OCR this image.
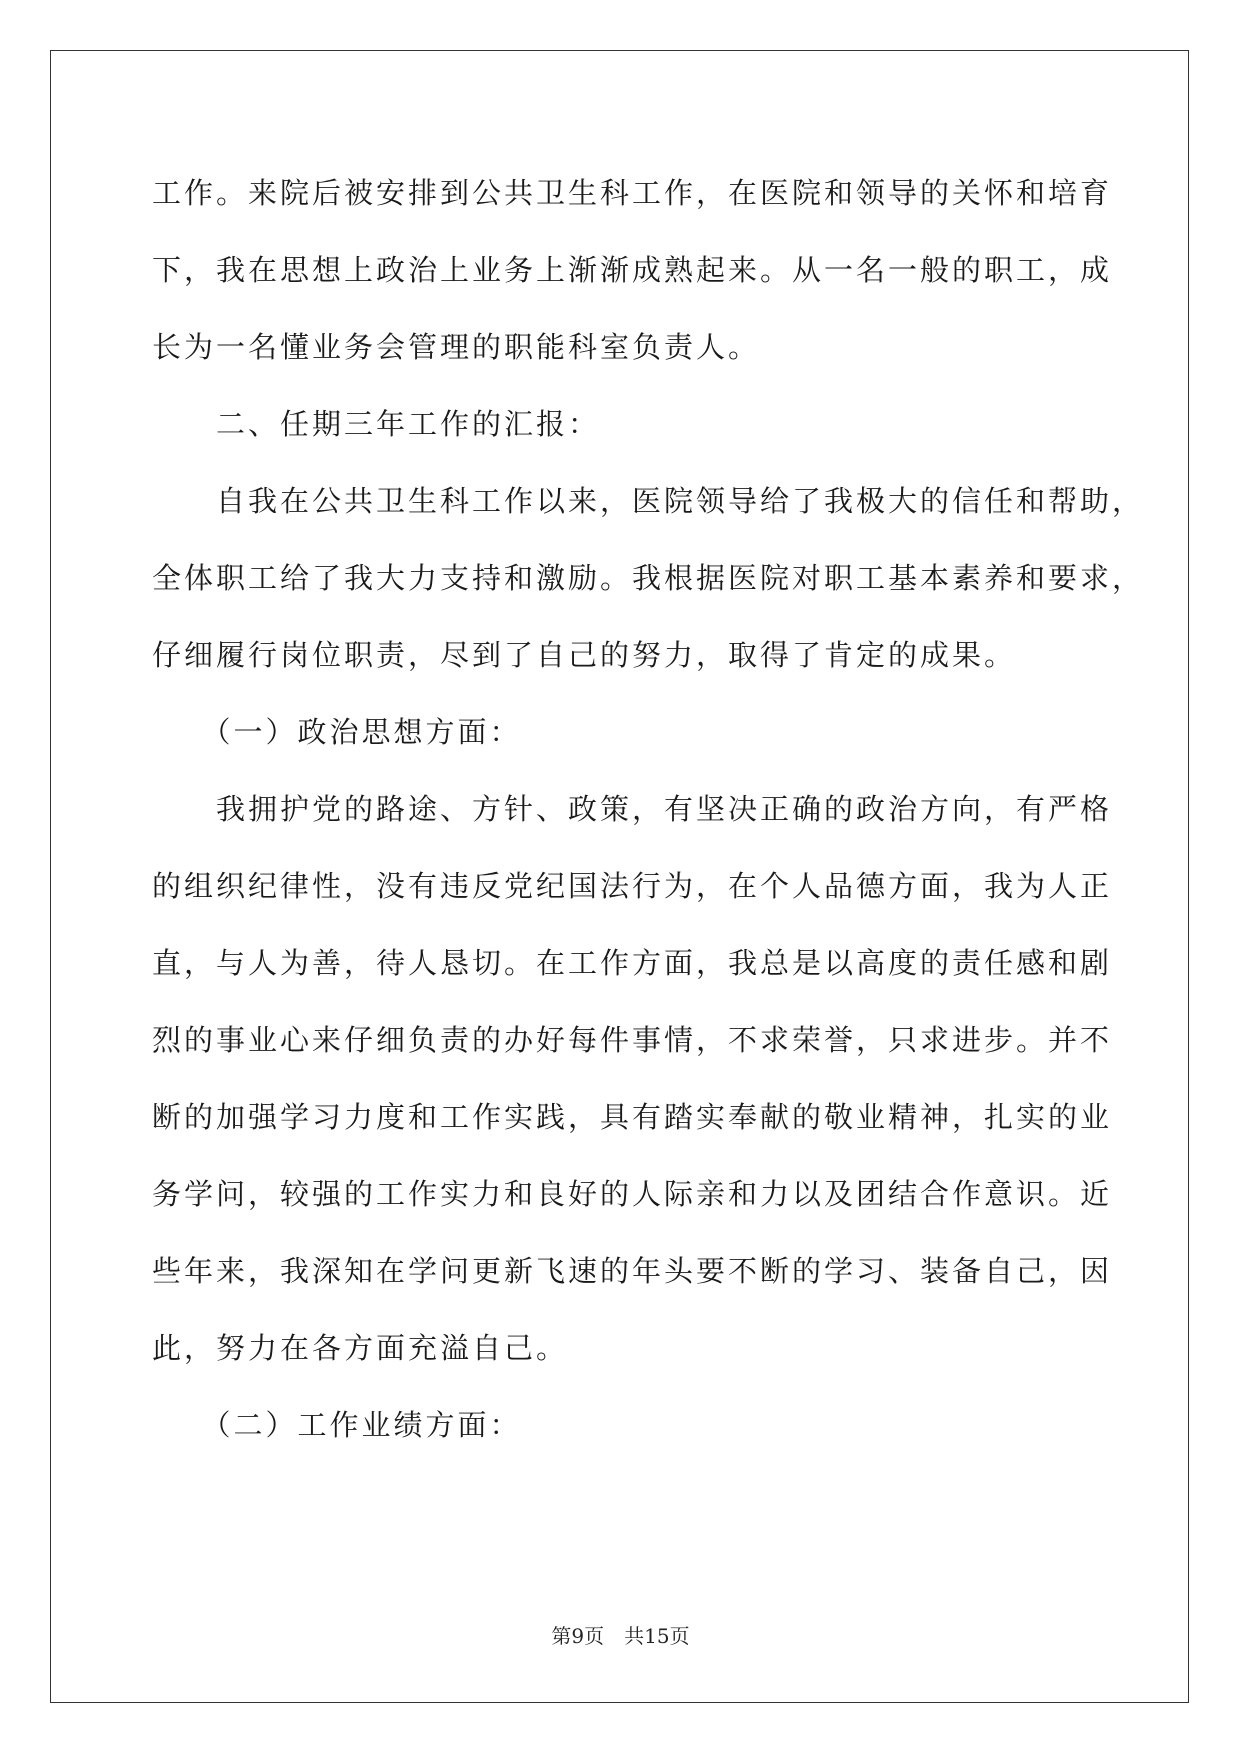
工作。来院后被安排到公共卫生科工作，在医院和领导的关怀和培育
下，我在思想上政治上业务上渐渐成熟起来。从一名一般的职工，成
长为一名懂业务会管理的职能科室负责人。
　　二、任期三年工作的汇报：
　　自我在公共卫生科工作以来，医院领导给了我极大的信任和帮助，
全体职工给了我大力支持和激励。我根据医院对职工基本素养和要求，
仔细履行岗位职责，尽到了自己的努力，取得了肯定的成果。
　　（一）政治思想方面：
　　我拥护党的路途、方针、政策，有坚决正确的政治方向，有严格
的组织纪律性，没有违反党纪国法行为，在个人品德方面，我为人正
直，与人为善，待人恳切。在工作方面，我总是以高度的责任感和剧
烈的事业心来仔细负责的办好每件事情，不求荣誉，只求进步。并不
断的加强学习力度和工作实践，具有踏实奉献的敬业精神，扎实的业
务学问，较强的工作实力和良好的人际亲和力以及团结合作意识。近
些年来，我深知在学问更新飞速的年头要不断的学习、装备自己，因
此，努力在各方面充溢自己。
　　（二）工作业绩方面：
第9页　共15页
